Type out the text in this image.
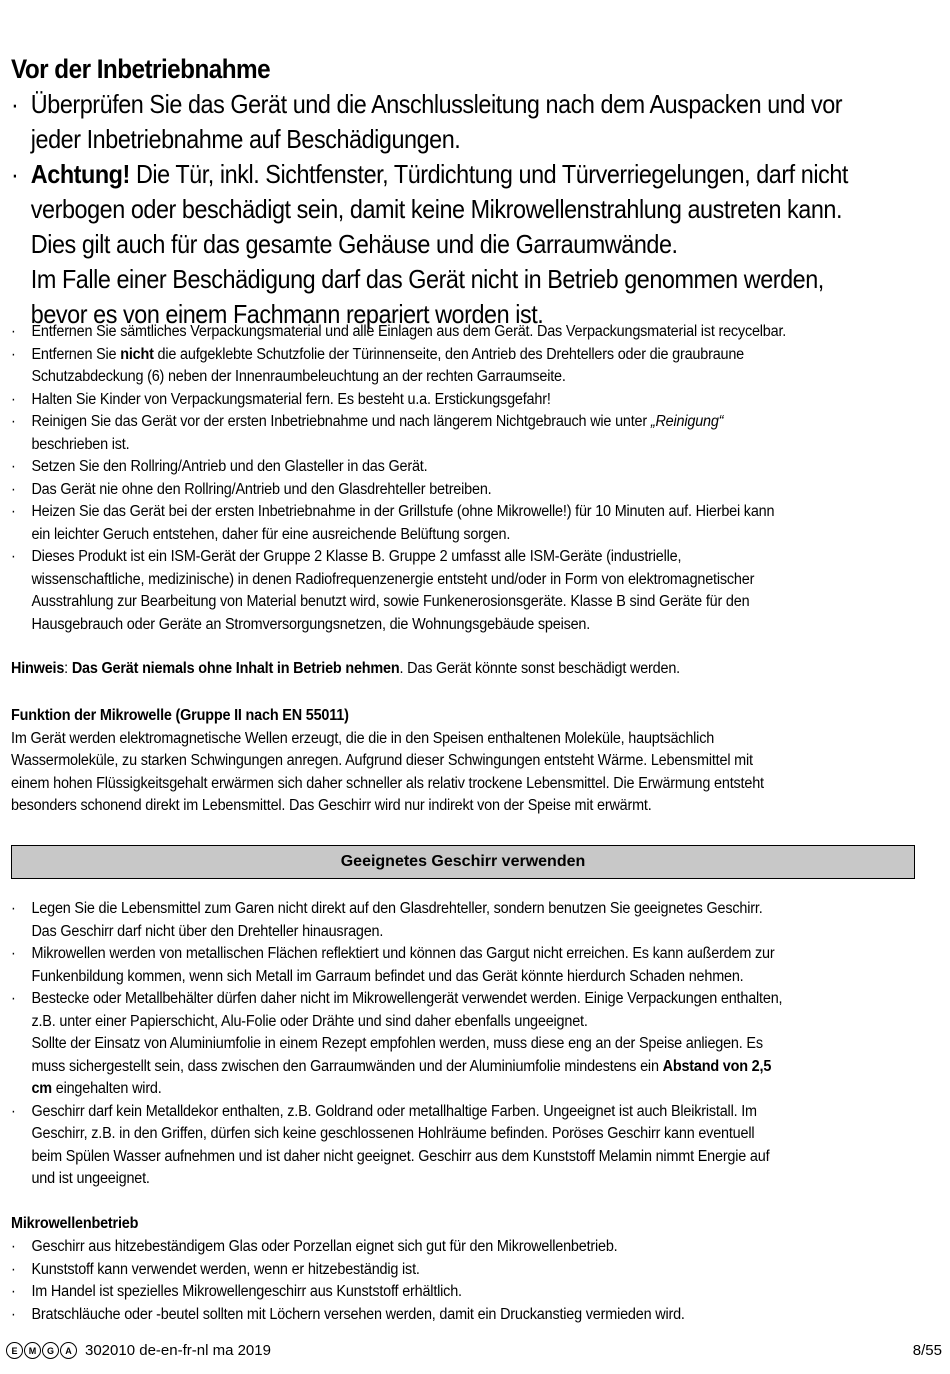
Vor der Inbetriebnahme
· Überprüfen Sie das Gerät und die Anschlussleitung nach dem Auspacken und vor
jeder Inbetriebnahme auf Beschädigungen.
· Achtung! Die Tür, inkl. Sichtfenster, Türdichtung und Türverriegelungen, darf nicht
verbogen oder beschädigt sein, damit keine Mikrowellenstrahlung austreten kann.
Dies gilt auch für das gesamte Gehäuse und die Garraumwände.
Im Falle einer Beschädigung darf das Gerät nicht in Betrieb genommen werden,
bevor es von einem Fachmann repariert worden ist.
· Entfernen Sie sämtliches Verpackungsmaterial und alle Einlagen aus dem Gerät. Das Verpackungsmaterial ist recycelbar.
· Entfernen Sie nicht die aufgeklebte Schutzfolie der Türinnenseite, den Antrieb des Drehtellers oder die graubraune
Schutzabdeckung (6) neben der Innenraumbeleuchtung an der rechten Garraumseite.
· Halten Sie Kinder von Verpackungsmaterial fern. Es besteht u.a. Erstickungsgefahr!
· Reinigen Sie das Gerät vor der ersten Inbetriebnahme und nach längerem Nichtgebrauch wie unter „Reinigung“
beschrieben ist.
· Setzen Sie den Rollring/Antrieb und den Glasteller in das Gerät.
· Das Gerät nie ohne den Rollring/Antrieb und den Glasdrehteller betreiben.
· Heizen Sie das Gerät bei der ersten Inbetriebnahme in der Grillstufe (ohne Mikrowelle!) für 10 Minuten auf. Hierbei kann
ein leichter Geruch entstehen, daher für eine ausreichende Belüftung sorgen.
· Dieses Produkt ist ein ISM-Gerät der Gruppe 2 Klasse B. Gruppe 2 umfasst alle ISM-Geräte (industrielle,
wissenschaftliche, medizinische) in denen Radiofrequenzenergie entsteht und/oder in Form von elektromagnetischer
Ausstrahlung zur Bearbeitung von Material benutzt wird, sowie Funkenerosionsgeräte. Klasse B sind Geräte für den
Hausgebrauch oder Geräte an Stromversorgungsnetzen, die Wohnungsgebäude speisen.
Hinweis: Das Gerät niemals ohne Inhalt in Betrieb nehmen. Das Gerät könnte sonst beschädigt werden.
Funktion der Mikrowelle (Gruppe II nach EN 55011)
Im Gerät werden elektromagnetische Wellen erzeugt, die die in den Speisen enthaltenen Moleküle, hauptsächlich
Wassermoleküle, zu starken Schwingungen anregen. Aufgrund dieser Schwingungen entsteht Wärme. Lebensmittel mit
einem hohen Flüssigkeitsgehalt erwärmen sich daher schneller als relativ trockene Lebensmittel. Die Erwärmung entsteht
besonders schonend direkt im Lebensmittel. Das Geschirr wird nur indirekt von der Speise mit erwärmt.
Geeignetes Geschirr verwenden
· Legen Sie die Lebensmittel zum Garen nicht direkt auf den Glasdrehteller, sondern benutzen Sie geeignetes Geschirr.
Das Geschirr darf nicht über den Drehteller hinausragen.
· Mikrowellen werden von metallischen Flächen reflektiert und können das Gargut nicht erreichen. Es kann außerdem zur
Funkenbildung kommen, wenn sich Metall im Garraum befindet und das Gerät könnte hierdurch Schaden nehmen.
· Bestecke oder Metallbehälter dürfen daher nicht im Mikrowellengerät verwendet werden. Einige Verpackungen enthalten,
z.B. unter einer Papierschicht, Alu-Folie oder Drähte und sind daher ebenfalls ungeeignet.
Sollte der Einsatz von Aluminiumfolie in einem Rezept empfohlen werden, muss diese eng an der Speise anliegen. Es
muss sichergestellt sein, dass zwischen den Garraumwänden und der Aluminiumfolie mindestens ein Abstand von 2,5
cm eingehalten wird.
· Geschirr darf kein Metalldekor enthalten, z.B. Goldrand oder metallhaltige Farben. Ungeeignet ist auch Bleikristall. Im
Geschirr, z.B. in den Griffen, dürfen sich keine geschlossenen Hohlräume befinden. Poröses Geschirr kann eventuell
beim Spülen Wasser aufnehmen und ist daher nicht geeignet. Geschirr aus dem Kunststoff Melamin nimmt Energie auf
und ist ungeeignet.
Mikrowellenbetrieb
· Geschirr aus hitzebeständigem Glas oder Porzellan eignet sich gut für den Mikrowellenbetrieb.
· Kunststoff kann verwendet werden, wenn er hitzebeständig ist.
· Im Handel ist spezielles Mikrowellengeschirr aus Kunststoff erhältlich.
· Bratschläuche oder -beutel sollten mit Löchern versehen werden, damit ein Druckanstieg vermieden wird.
E	M	G	A 302010 de-en-fr-nl ma 2019	8/55
